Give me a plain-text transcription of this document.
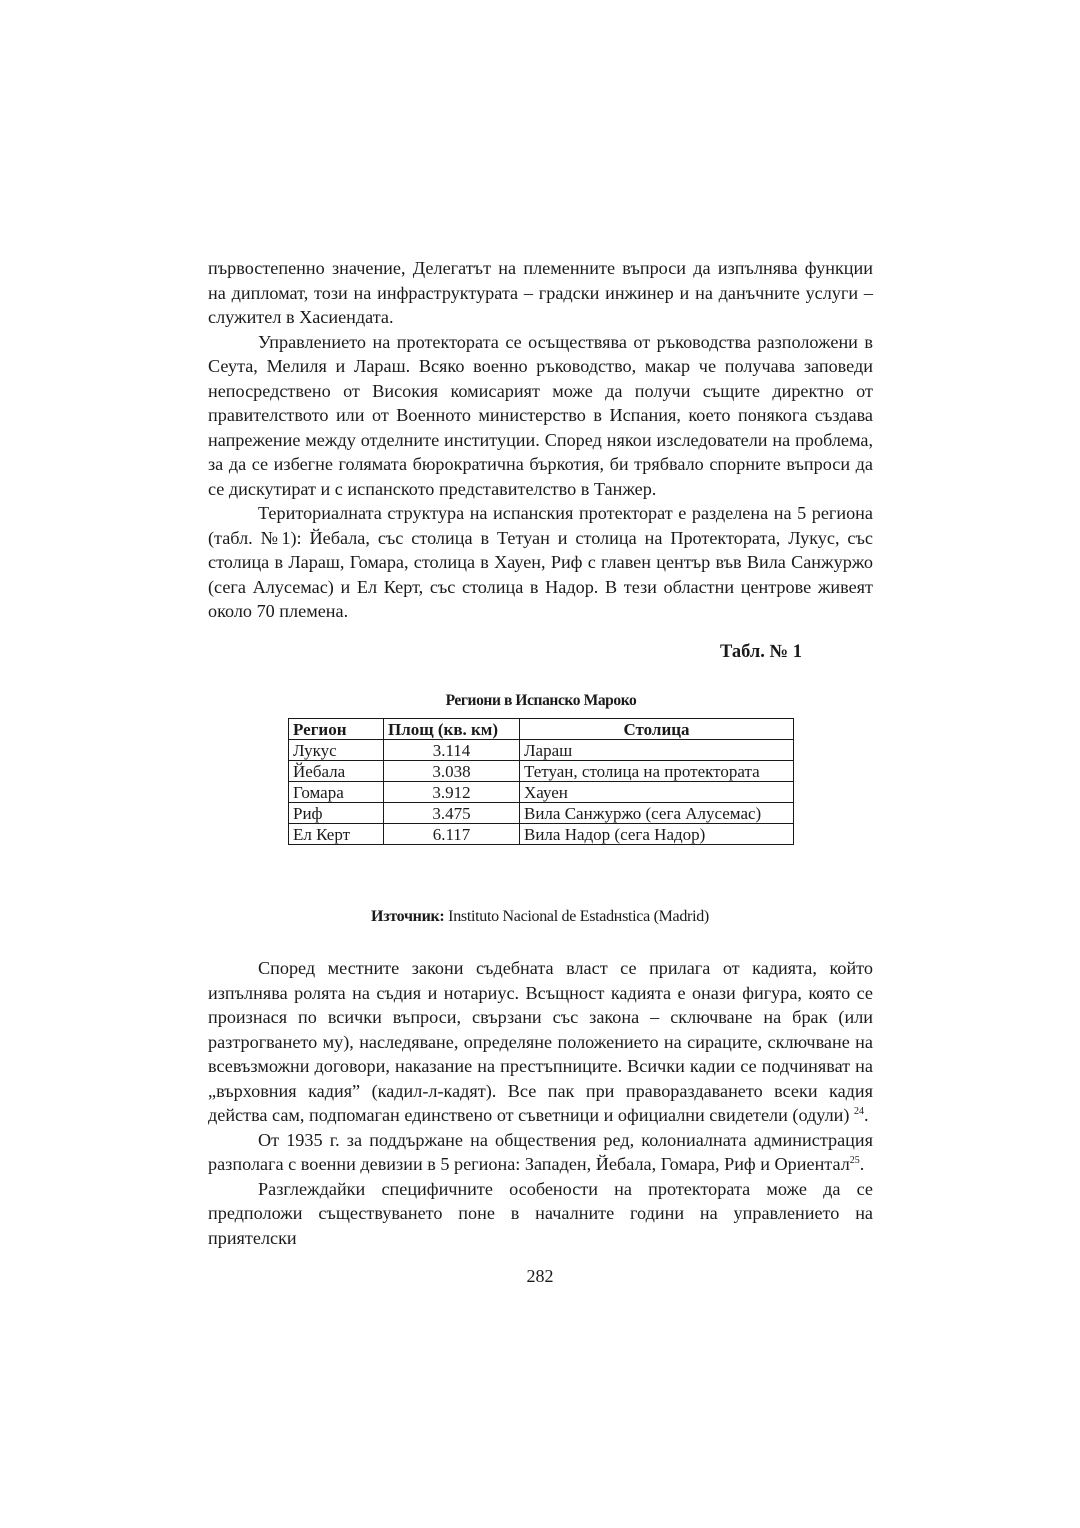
първостепенно значение, Делегатът на племенните въпроси да изпълнява функции на дипломат, този на инфраструктурата – градски инжинер и на данъчните услуги – служител в Хасиендата.

Управлението на протектората се осъществява от ръководства разположени в Сеута, Мелиля и Лараш. Всяко военно ръководство, макар че получава заповеди непосредствено от Високия комисарият може да получи същите директно от правителството или от Военното министерство в Испания, което понякога създава напрежение между отделните институции. Според някои изследователи на проблема, за да се избегне голямата бюрократична бъркотия, би трябвало спорните въпроси да се дискутират и с испанското представителство в Танжер.

Териториалната структура на испанския протекторат е разделена на 5 региона (табл. №1): Йебала, със столица в Тетуан и столица на Протектората, Лукус, със столица в Лараш, Гомара, столица в Хауен, Риф с главен център във Вила Санжуржо (сега Алусемас) и Ел Керт, със столица в Надор. В тези областни центрове живеят около 70 племена.

Табл. № 1
Региони в Испанско Мароко
Регион	Площ (кв. км)	Столица
Лукус	3.114	Лараш
Йебала	3.038	Тетуан, столица на протектората
Гомара	3.912	Хауен
Риф	3.475	Вила Санжуржо (сега Алусемас)
Ел Керт	6.117	Вила Надор (сега Надор)
Източник: Instituto Nacional de Estadнstica (Madrid)

Според местните закони съдебната власт се прилага от кадията, който изпълнява ролята на съдия и нотариус. Всъщност кадията е онази фигура, която се произнася по всички въпроси, свързани със закона – сключване на брак (или разтрогването му), наследяване, определяне положението на сираците, сключване на всевъзможни договори, наказание на престъпниците. Всички кадии се подчиняват на „върховния кадия” (кадил-л-кадят). Все пак при правораздаването всеки кадия действа сам, подпомаган единствено от съветници и официални свидетели (одули) $^{24}$.

От 1935 г. за поддържане на обществения ред, колониалната администрация разполага с военни девизии в 5 региона: Западен, Йебала, Гомара, Риф и Ориентал$^{25}$.

Разглеждайки специфичните особености на протектората може да се предположи съществуването поне в началните години на управлението на приятелски

282
